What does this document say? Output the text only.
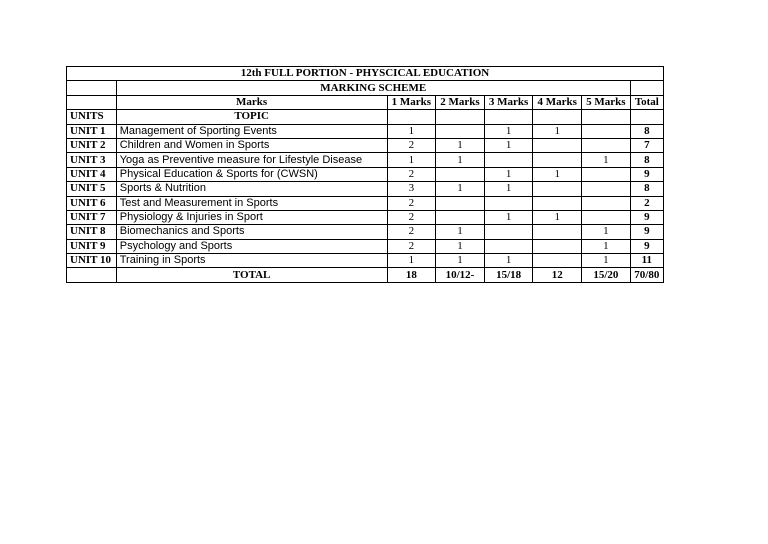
12th FULL PORTION - PHYSCICAL EDUCATION							
	MARKING SCHEME						
	Marks	1 Marks	2 Marks	3 Marks	4 Marks	5 Marks	Total
UNITS	TOPIC						
UNIT 1	Management of Sporting Events	1		1	1		8
UNIT 2	Children and Women in Sports	2	1	1			7
UNIT 3	Yoga as Preventive measure for Lifestyle Disease	1	1			1	8
UNIT 4	Physical Education & Sports for (CWSN)	2		1	1		9
UNIT 5	Sports & Nutrition	3	1	1			8
UNIT 6	Test and Measurement in Sports	2					2
UNIT 7	Physiology & Injuries in Sport	2		1	1		9
UNIT 8	Biomechanics and Sports	2	1			1	9
UNIT 9	Psychology and Sports	2	1			1	9
UNIT 10	Training in Sports	1	1	1		1	11
	TOTAL	18	10/12-	15/18	12	15/20	70/80
